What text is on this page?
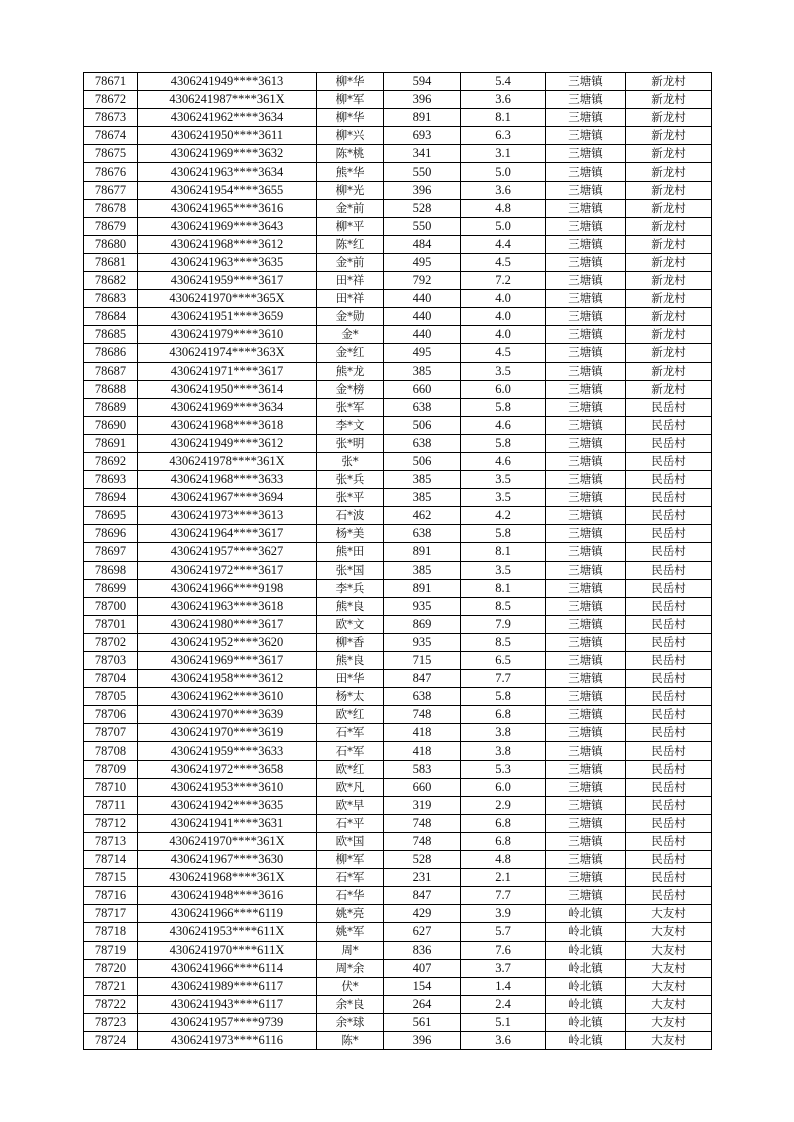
78671	4306241949****3613	柳*华	594	5.4	三塘镇	新龙村
78672	4306241987****361X	柳*军	396	3.6	三塘镇	新龙村
78673	4306241962****3634	柳*华	891	8.1	三塘镇	新龙村
78674	4306241950****3611	柳*兴	693	6.3	三塘镇	新龙村
78675	4306241969****3632	陈*桃	341	3.1	三塘镇	新龙村
78676	4306241963****3634	熊*华	550	5.0	三塘镇	新龙村
78677	4306241954****3655	柳*光	396	3.6	三塘镇	新龙村
78678	4306241965****3616	金*前	528	4.8	三塘镇	新龙村
78679	4306241969****3643	柳*平	550	5.0	三塘镇	新龙村
78680	4306241968****3612	陈*红	484	4.4	三塘镇	新龙村
78681	4306241963****3635	金*前	495	4.5	三塘镇	新龙村
78682	4306241959****3617	田*祥	792	7.2	三塘镇	新龙村
78683	4306241970****365X	田*祥	440	4.0	三塘镇	新龙村
78684	4306241951****3659	金*勋	440	4.0	三塘镇	新龙村
78685	4306241979****3610	金*	440	4.0	三塘镇	新龙村
78686	4306241974****363X	金*红	495	4.5	三塘镇	新龙村
78687	4306241971****3617	熊*龙	385	3.5	三塘镇	新龙村
78688	4306241950****3614	金*榜	660	6.0	三塘镇	新龙村
78689	4306241969****3634	张*军	638	5.8	三塘镇	民岳村
78690	4306241968****3618	李*文	506	4.6	三塘镇	民岳村
78691	4306241949****3612	张*明	638	5.8	三塘镇	民岳村
78692	4306241978****361X	张*	506	4.6	三塘镇	民岳村
78693	4306241968****3633	张*兵	385	3.5	三塘镇	民岳村
78694	4306241967****3694	张*平	385	3.5	三塘镇	民岳村
78695	4306241973****3613	石*波	462	4.2	三塘镇	民岳村
78696	4306241964****3617	杨*美	638	5.8	三塘镇	民岳村
78697	4306241957****3627	熊*田	891	8.1	三塘镇	民岳村
78698	4306241972****3617	张*国	385	3.5	三塘镇	民岳村
78699	4306241966****9198	李*兵	891	8.1	三塘镇	民岳村
78700	4306241963****3618	熊*良	935	8.5	三塘镇	民岳村
78701	4306241980****3617	欧*文	869	7.9	三塘镇	民岳村
78702	4306241952****3620	柳*香	935	8.5	三塘镇	民岳村
78703	4306241969****3617	熊*良	715	6.5	三塘镇	民岳村
78704	4306241958****3612	田*华	847	7.7	三塘镇	民岳村
78705	4306241962****3610	杨*太	638	5.8	三塘镇	民岳村
78706	4306241970****3639	欧*红	748	6.8	三塘镇	民岳村
78707	4306241970****3619	石*军	418	3.8	三塘镇	民岳村
78708	4306241959****3633	石*军	418	3.8	三塘镇	民岳村
78709	4306241972****3658	欧*红	583	5.3	三塘镇	民岳村
78710	4306241953****3610	欧*凡	660	6.0	三塘镇	民岳村
78711	4306241942****3635	欧*早	319	2.9	三塘镇	民岳村
78712	4306241941****3631	石*平	748	6.8	三塘镇	民岳村
78713	4306241970****361X	欧*国	748	6.8	三塘镇	民岳村
78714	4306241967****3630	柳*军	528	4.8	三塘镇	民岳村
78715	4306241968****361X	石*军	231	2.1	三塘镇	民岳村
78716	4306241948****3616	石*华	847	7.7	三塘镇	民岳村
78717	4306241966****6119	姚*亮	429	3.9	岭北镇	大友村
78718	4306241953****611X	姚*军	627	5.7	岭北镇	大友村
78719	4306241970****611X	周*	836	7.6	岭北镇	大友村
78720	4306241966****6114	周*余	407	3.7	岭北镇	大友村
78721	4306241989****6117	伏*	154	1.4	岭北镇	大友村
78722	4306241943****6117	余*良	264	2.4	岭北镇	大友村
78723	4306241957****9739	余*球	561	5.1	岭北镇	大友村
78724	4306241973****6116	陈*	396	3.6	岭北镇	大友村
